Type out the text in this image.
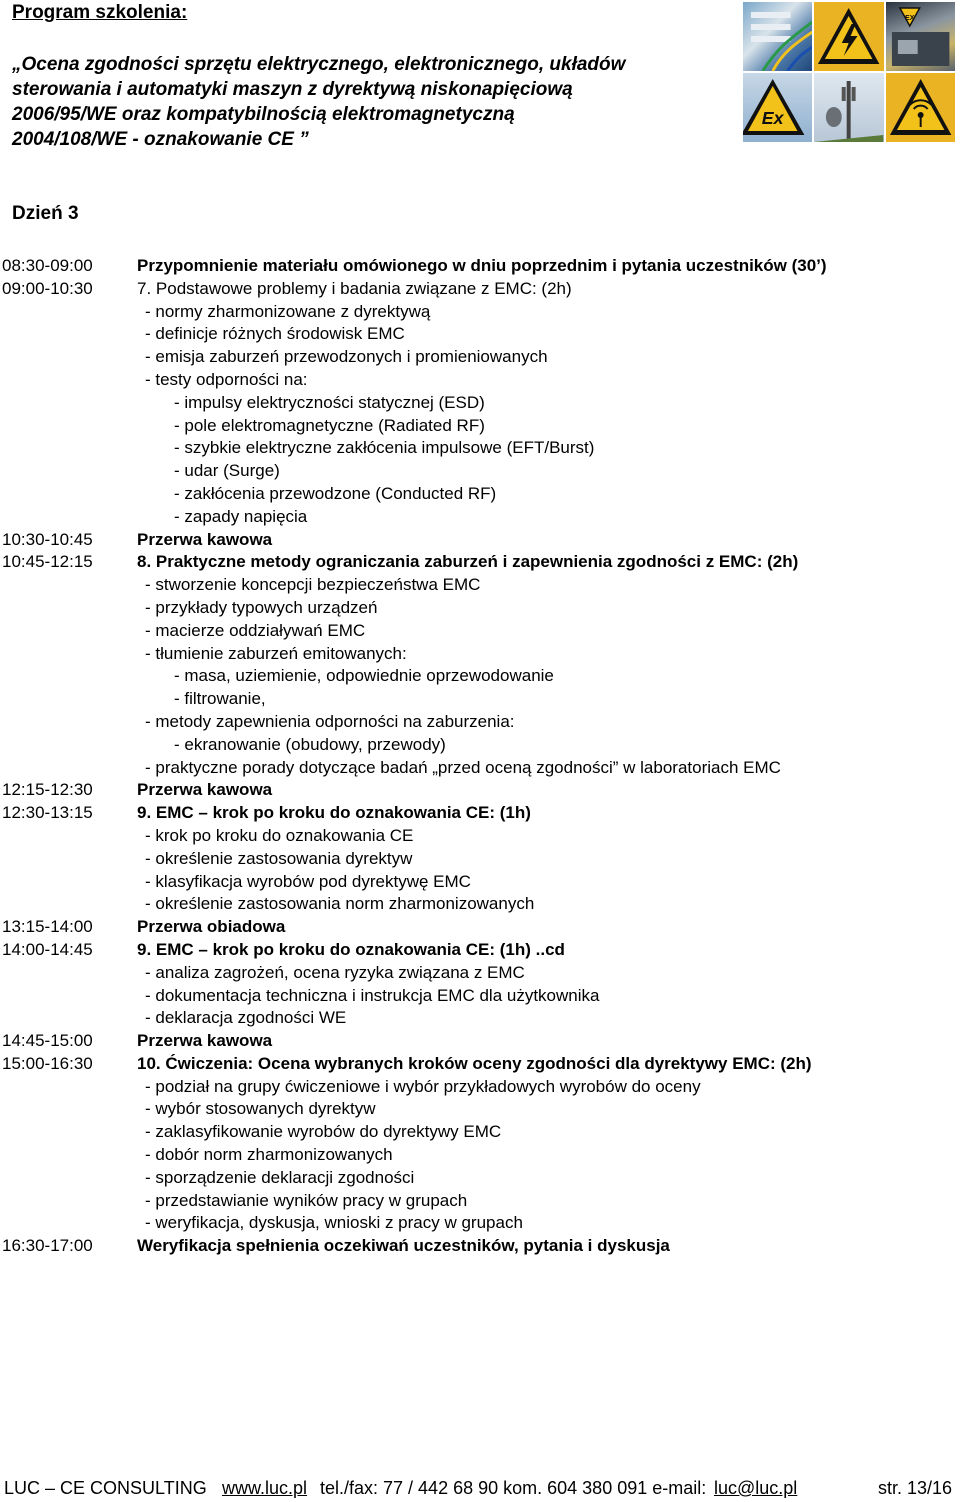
Program szkolenia:
„Ocena zgodności sprzętu elektrycznego, elektronicznego, układów
sterowania i automatyki maszyn z dyrektywą niskonapięciową
2006/95/WE oraz kompatybilnością elektromagnetyczną
2004/108/WE - oznakowanie CE ”
EX
Ex
Dzień 3
08:30-09:00	Przypomnienie materiału omówionego w dniu poprzednim i pytania uczestników (30’)
09:00-10:30	7. Podstawowe problemy i badania związane z EMC: (2h)
- normy zharmonizowane z dyrektywą
- definicje różnych środowisk EMC
- emisja zaburzeń przewodzonych i promieniowanych
- testy odporności na:
- impulsy elektryczności statycznej (ESD)
- pole elektromagnetyczne (Radiated RF)
- szybkie elektryczne zakłócenia impulsowe (EFT/Burst)
- udar (Surge)
- zakłócenia przewodzone (Conducted RF)
- zapady napięcia
10:30-10:45	Przerwa kawowa
10:45-12:15	8. Praktyczne metody ograniczania zaburzeń i zapewnienia zgodności z EMC: (2h)
- stworzenie koncepcji bezpieczeństwa EMC
- przykłady typowych urządzeń
- macierze oddziaływań EMC
- tłumienie zaburzeń emitowanych:
- masa, uziemienie, odpowiednie oprzewodowanie
- filtrowanie,
- metody zapewnienia odporności na zaburzenia:
- ekranowanie (obudowy, przewody)
- praktyczne porady dotyczące badań „przed oceną zgodności” w laboratoriach EMC
12:15-12:30	Przerwa kawowa
12:30-13:15	9. EMC – krok po kroku do oznakowania CE: (1h)
- krok po kroku do oznakowania CE
- określenie zastosowania dyrektyw
- klasyfikacja wyrobów pod dyrektywę EMC
- określenie zastosowania norm zharmonizowanych
13:15-14:00	Przerwa obiadowa
14:00-14:45	9. EMC – krok po kroku do oznakowania CE: (1h) ..cd
- analiza zagrożeń, ocena ryzyka związana z EMC
- dokumentacja techniczna i instrukcja EMC dla użytkownika
- deklaracja zgodności WE
14:45-15:00	Przerwa kawowa
15:00-16:30	10. Ćwiczenia: Ocena wybranych kroków oceny zgodności dla dyrektywy EMC: (2h)
- podział na grupy ćwiczeniowe i wybór przykładowych wyrobów do oceny
- wybór stosowanych dyrektyw
- zaklasyfikowanie wyrobów do dyrektywy EMC
- dobór norm zharmonizowanych
- sporządzenie deklaracji zgodności
- przedstawianie wyników pracy w grupach
- weryfikacja, dyskusja, wnioski z pracy w grupach
16:30-17:00	Weryfikacja spełnienia oczekiwań uczestników, pytania i dyskusja
LUC – CE CONSULTING www.luc.pl tel./fax: 77 / 442 68 90 kom. 604 380 091 e-mail: luc@luc.pl	str. 13/16
